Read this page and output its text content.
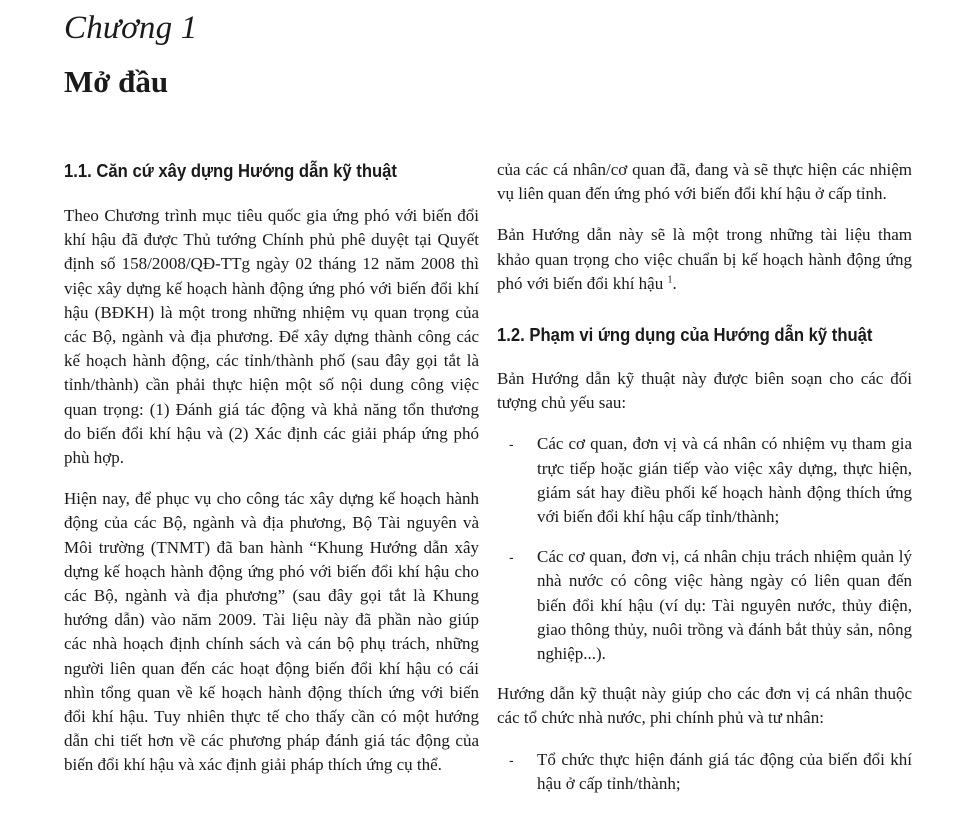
Chương 1
Mở đầu
1.1. Căn cứ xây dựng Hướng dẫn kỹ thuật

Theo Chương trình mục tiêu quốc gia ứng phó với biến đổi khí hậu đã được Thủ tướng Chính phủ phê duyệt tại Quyết định số 158/2008/QĐ-TTg ngày 02 tháng 12 năm 2008 thì việc xây dựng kế hoạch hành động ứng phó với biến đổi khí hậu (BĐKH) là một trong những nhiệm vụ quan trọng của các Bộ, ngành và địa phương. Để xây dựng thành công các kế hoạch hành động, các tỉnh/thành phố (sau đây gọi tắt là tỉnh/thành) cần phải thực hiện một số nội dung công việc quan trọng: (1) Đánh giá tác động và khả năng tổn thương do biến đổi khí hậu và (2) Xác định các giải pháp ứng phó phù hợp.

Hiện nay, để phục vụ cho công tác xây dựng kế hoạch hành động của các Bộ, ngành và địa phương, Bộ Tài nguyên và Môi trường (TNMT) đã ban hành “Khung Hướng dẫn xây dựng kế hoạch hành động ứng phó với biến đổi khí hậu cho các Bộ, ngành và địa phương” (sau đây gọi tắt là Khung hướng dẫn) vào năm 2009. Tài liệu này đã phần nào giúp các nhà hoạch định chính sách và cán bộ phụ trách, những người liên quan đến các hoạt động biến đổi khí hậu có cái nhìn tổng quan về kế hoạch hành động thích ứng với biến đổi khí hậu. Tuy nhiên thực tế cho thấy cần có một hướng dẫn chi tiết hơn về các phương pháp đánh giá tác động của biến đổi khí hậu và xác định giải pháp thích ứng cụ thể.

của các cá nhân/cơ quan đã, đang và sẽ thực hiện các nhiệm vụ liên quan đến ứng phó với biến đổi khí hậu ở cấp tỉnh.

Bản Hướng dẫn này sẽ là một trong những tài liệu tham khảo quan trọng cho việc chuẩn bị kế hoạch hành động ứng phó với biến đổi khí hậu $^1$.

1.2. Phạm vi ứng dụng của Hướng dẫn kỹ thuật

Bản Hướng dẫn kỹ thuật này được biên soạn cho các đối tượng chủ yếu sau:

- Các cơ quan, đơn vị và cá nhân có nhiệm vụ tham gia trực tiếp hoặc gián tiếp vào việc xây dựng, thực hiện, giám sát hay điều phối kế hoạch hành động thích ứng với biến đổi khí hậu cấp tỉnh/thành;
- Các cơ quan, đơn vị, cá nhân chịu trách nhiệm quản lý nhà nước có công việc hàng ngày có liên quan đến biến đổi khí hậu (ví dụ: Tài nguyên nước, thủy điện, giao thông thủy, nuôi trồng và đánh bắt thủy sản, nông nghiệp...).

Hướng dẫn kỹ thuật này giúp cho các đơn vị cá nhân thuộc các tổ chức nhà nước, phi chính phủ và tư nhân:

- Tổ chức thực hiện đánh giá tác động của biến đổi khí hậu ở cấp tỉnh/thành;
